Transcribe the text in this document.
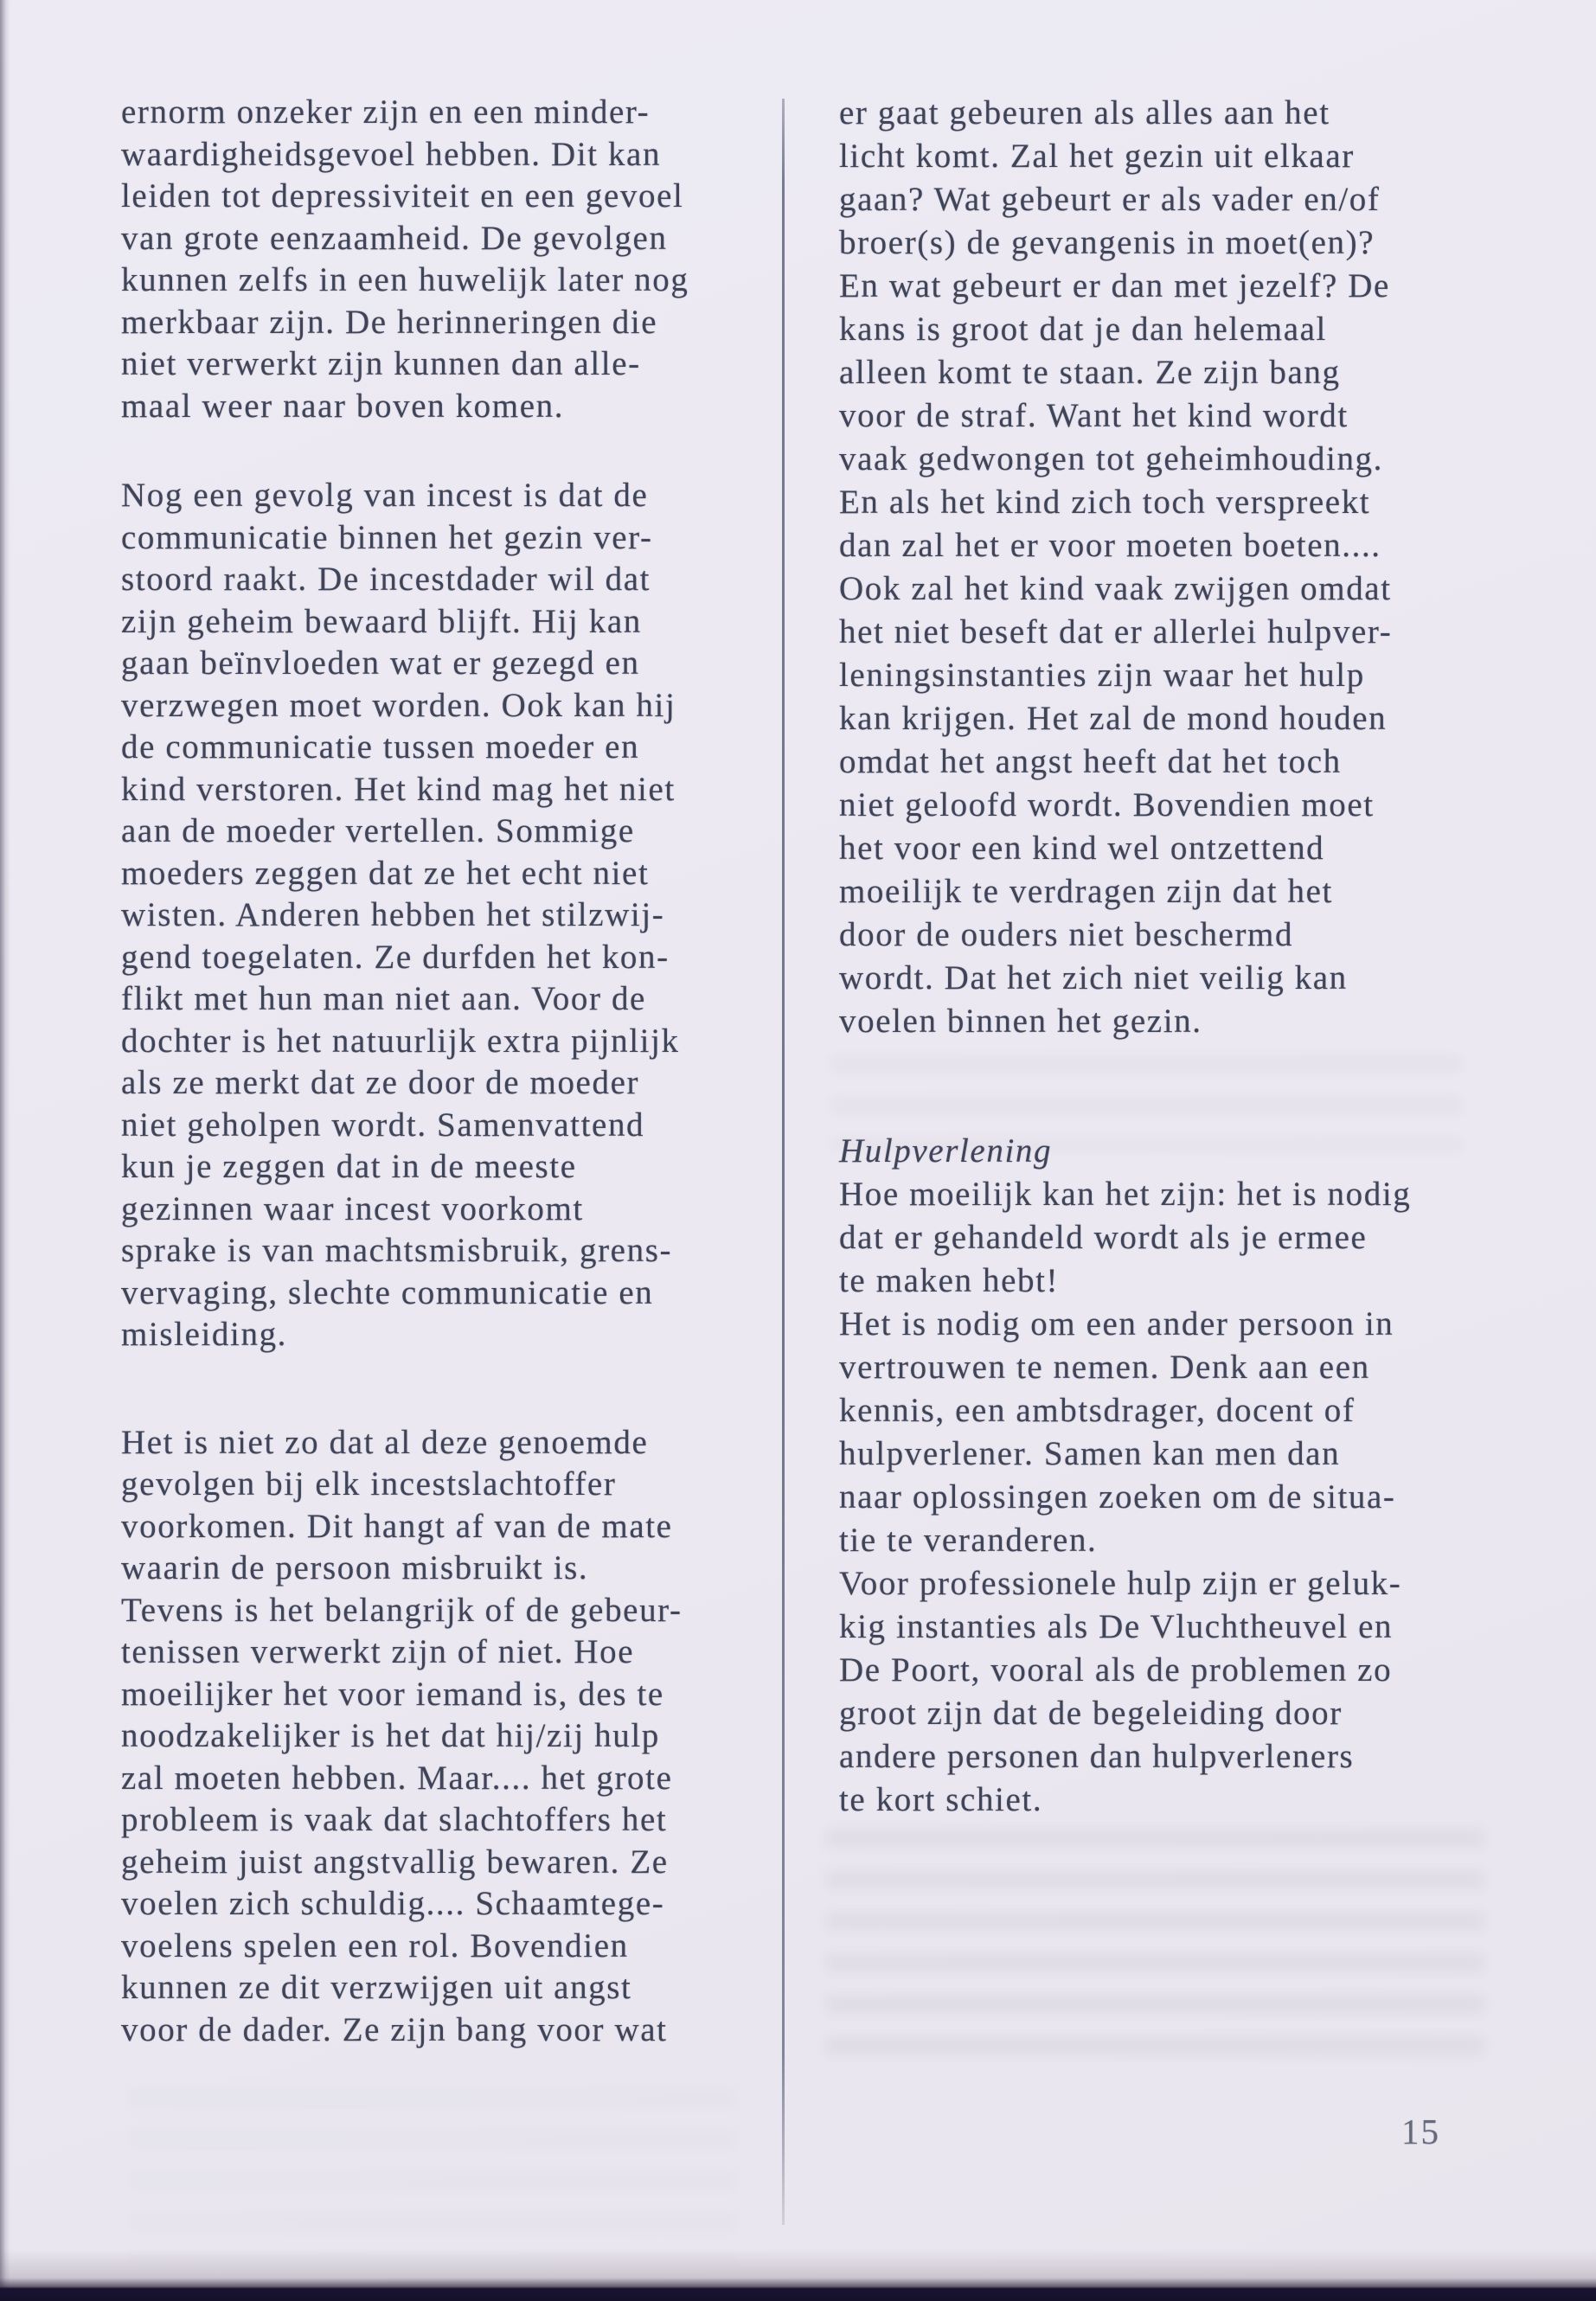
ernorm onzeker zijn en een minder-
waardigheidsgevoel hebben. Dit kan
leiden tot depressiviteit en een gevoel
van grote eenzaamheid. De gevolgen
kunnen zelfs in een huwelijk later nog
merkbaar zijn. De herinneringen die
niet verwerkt zijn kunnen dan alle-
maal weer naar boven komen.
Nog een gevolg van incest is dat de
communicatie binnen het gezin ver-
stoord raakt. De incestdader wil dat
zijn geheim bewaard blijft. Hij kan
gaan beïnvloeden wat er gezegd en
verzwegen moet worden. Ook kan hij
de communicatie tussen moeder en
kind verstoren. Het kind mag het niet
aan de moeder vertellen. Sommige
moeders zeggen dat ze het echt niet
wisten. Anderen hebben het stilzwij-
gend toegelaten. Ze durfden het kon-
flikt met hun man niet aan. Voor de
dochter is het natuurlijk extra pijnlijk
als ze merkt dat ze door de moeder
niet geholpen wordt. Samenvattend
kun je zeggen dat in de meeste
gezinnen waar incest voorkomt
sprake is van machtsmisbruik, grens-
vervaging, slechte communicatie en
misleiding.
Het is niet zo dat al deze genoemde
gevolgen bij elk incestslachtoffer
voorkomen. Dit hangt af van de mate
waarin de persoon misbruikt is.
Tevens is het belangrijk of de gebeur-
tenissen verwerkt zijn of niet. Hoe
moeilijker het voor iemand is, des te
noodzakelijker is het dat hij/zij hulp
zal moeten hebben. Maar.... het grote
probleem is vaak dat slachtoffers het
geheim juist angstvallig bewaren. Ze
voelen zich schuldig.... Schaamtege-
voelens spelen een rol. Bovendien
kunnen ze dit verzwijgen uit angst
voor de dader. Ze zijn bang voor wat
er gaat gebeuren als alles aan het
licht komt. Zal het gezin uit elkaar
gaan? Wat gebeurt er als vader en/of
broer(s) de gevangenis in moet(en)?
En wat gebeurt er dan met jezelf? De
kans is groot dat je dan helemaal
alleen komt te staan. Ze zijn bang
voor de straf. Want het kind wordt
vaak gedwongen tot geheimhouding.
En als het kind zich toch verspreekt
dan zal het er voor moeten boeten....
Ook zal het kind vaak zwijgen omdat
het niet beseft dat er allerlei hulpver-
leningsinstanties zijn waar het hulp
kan krijgen. Het zal de mond houden
omdat het angst heeft dat het toch
niet geloofd wordt. Bovendien moet
het voor een kind wel ontzettend
moeilijk te verdragen zijn dat het
door de ouders niet beschermd
wordt. Dat het zich niet veilig kan
voelen binnen het gezin.
Hulpverlening
Hoe moeilijk kan het zijn: het is nodig
dat er gehandeld wordt als je ermee
te maken hebt!
Het is nodig om een ander persoon in
vertrouwen te nemen. Denk aan een
kennis, een ambtsdrager, docent of
hulpverlener. Samen kan men dan
naar oplossingen zoeken om de situa-
tie te veranderen.
Voor professionele hulp zijn er geluk-
kig instanties als De Vluchtheuvel en
De Poort, vooral als de problemen zo
groot zijn dat de begeleiding door
andere personen dan hulpverleners
te kort schiet.
15
